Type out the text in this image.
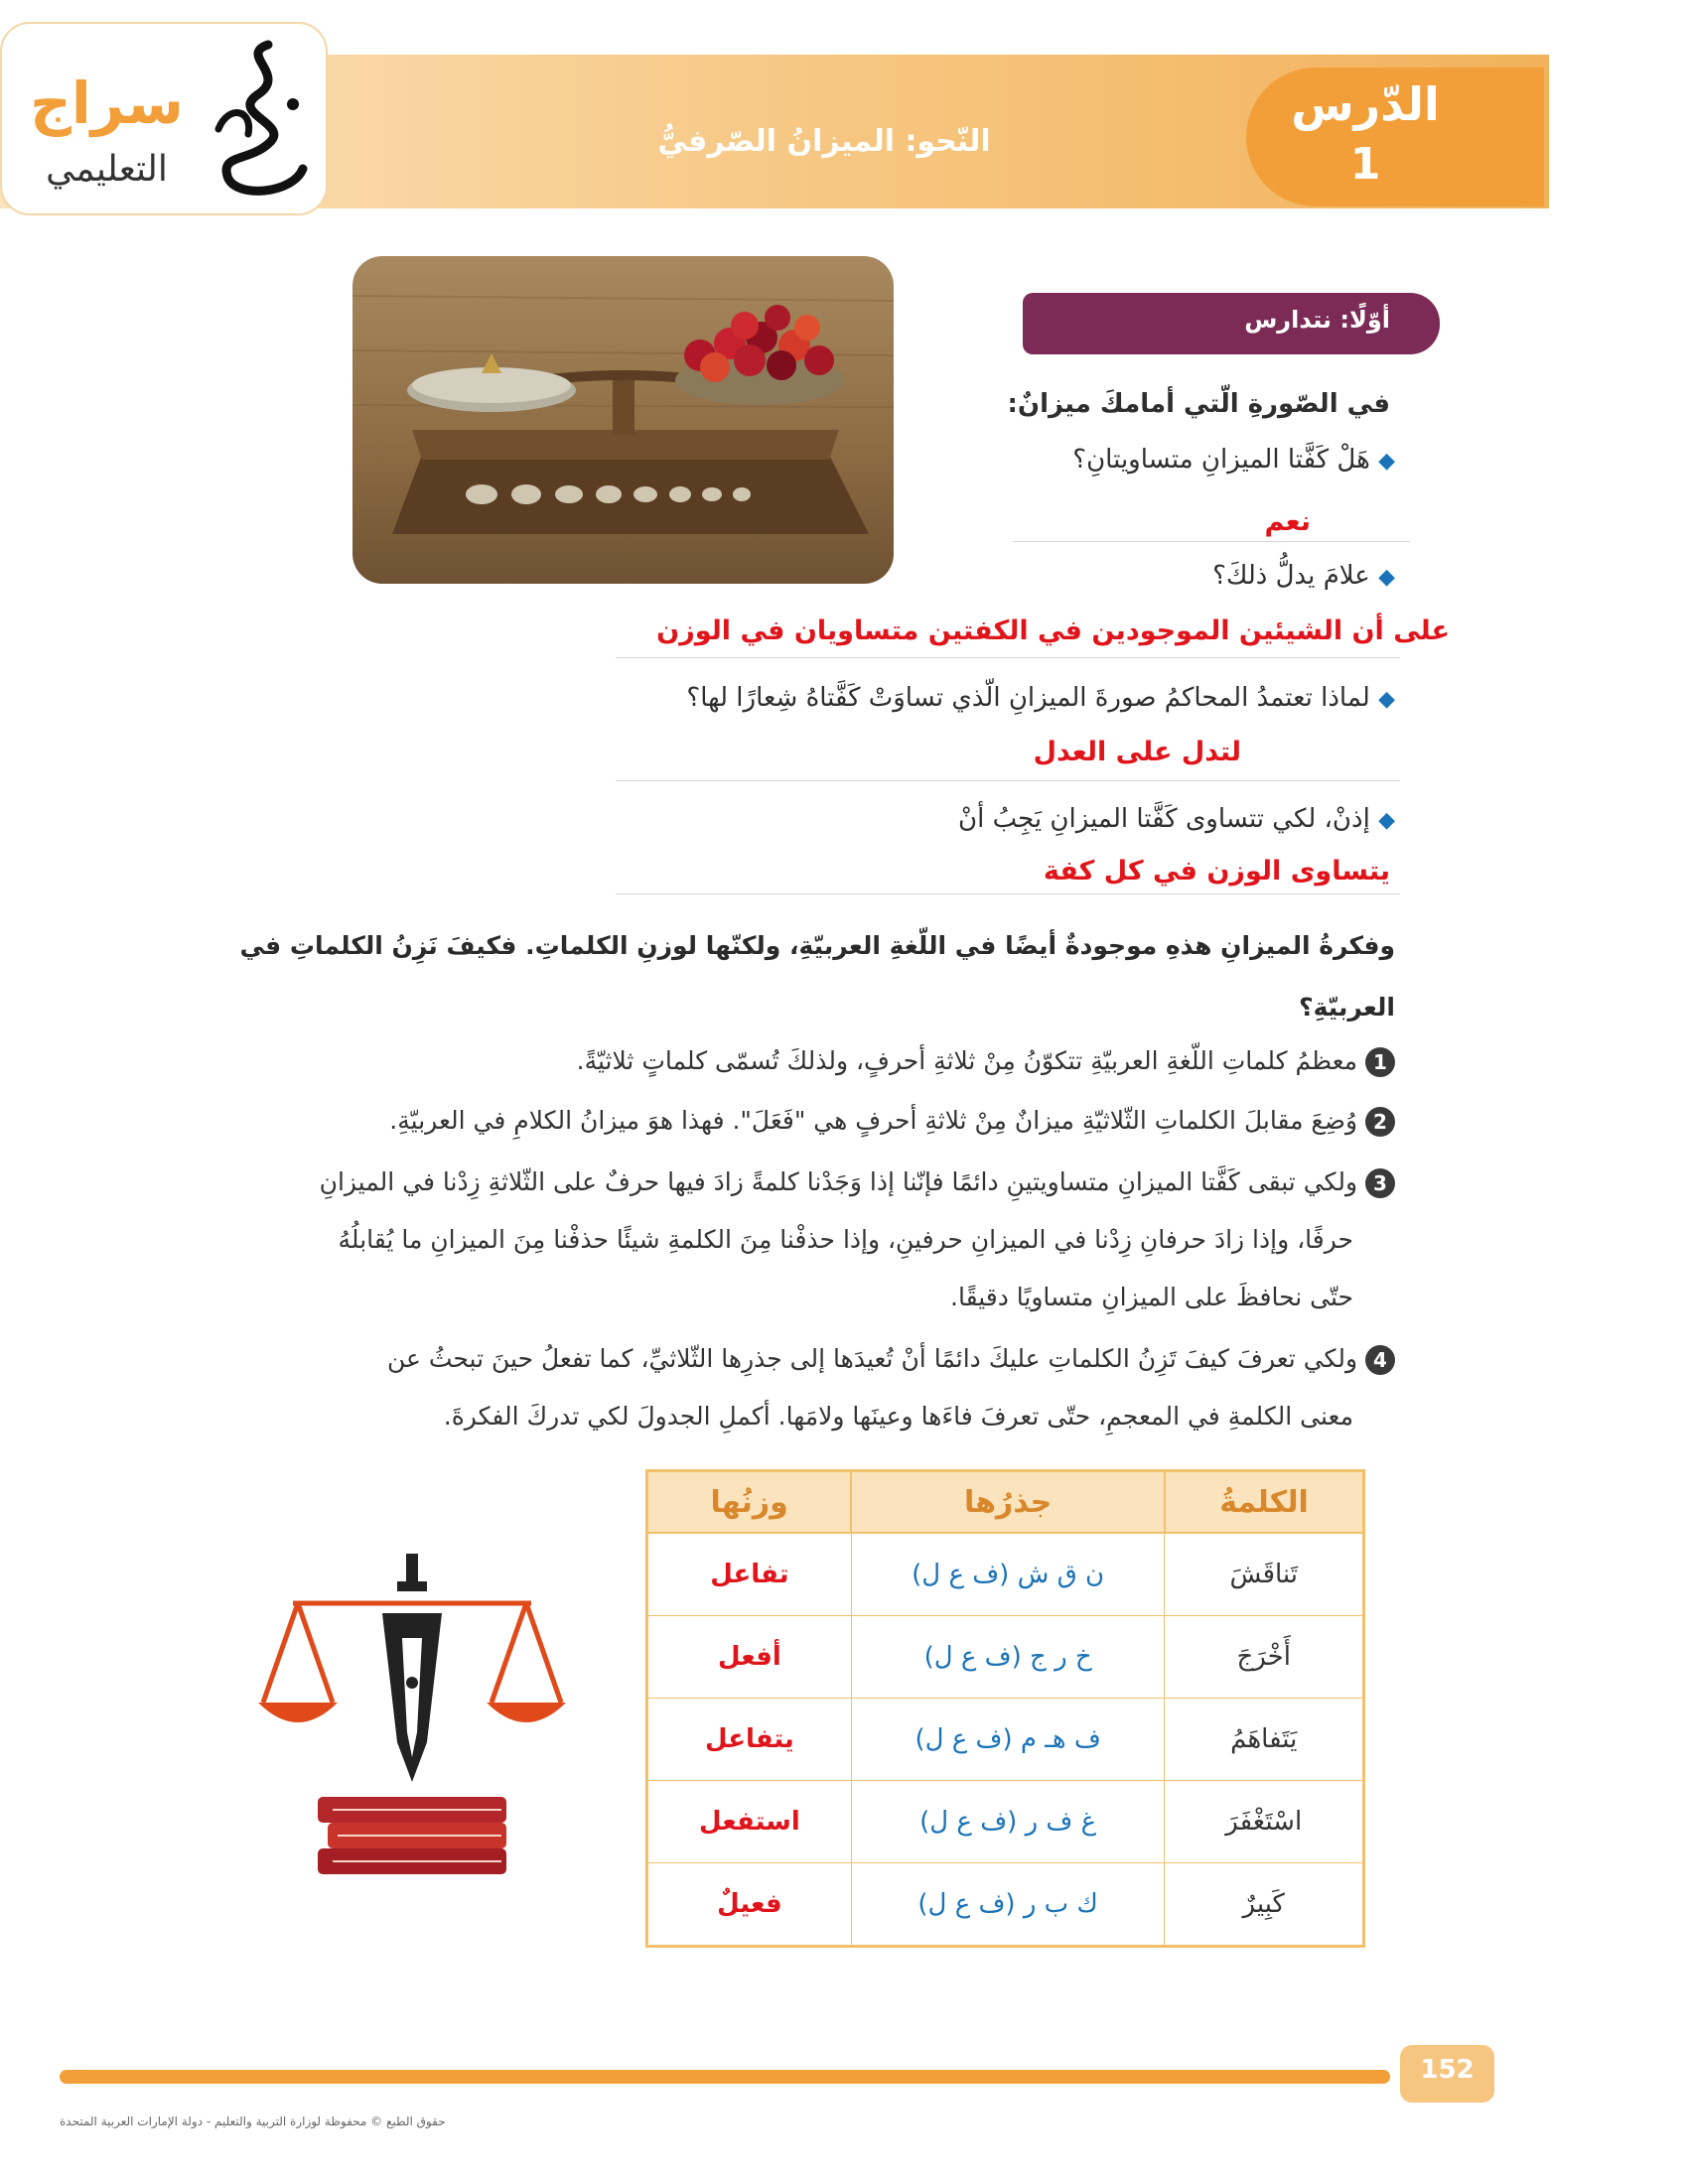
الدّرس
1
النّحو: الميزانُ الصّرفيُّ
سراج
التعليمي
أوّلًا: نتدارس
في الصّورةِ الّتي أمامكَ ميزانٌ:
◆ هَلْ كَفَّتا الميزانِ متساويتانِ؟
نعم
◆ علامَ يدلُّ ذلكَ؟
على أن الشيئين الموجودين في الكفتين متساويان في الوزن
◆ لماذا تعتمدُ المحاكمُ صورةَ الميزانِ الّذي تساوَتْ كَفَّتاهُ شِعارًا لها؟
لتدل على العدل
◆ إذنْ، لكي تتساوى كَفَّتا الميزانِ يَجِبُ أنْ
يتساوى الوزن في كل كفة
وفكرةُ الميزانِ هذهِ موجودةٌ أيضًا في اللّغةِ العربيّةِ، ولكنّها لوزنِ الكلماتِ. فكيفَ نَزِنُ الكلماتِ في
العربيّةِ؟
1 معظمُ كلماتِ اللّغةِ العربيّةِ تتكوّنُ مِنْ ثلاثةِ أحرفٍ، ولذلكَ تُسمّى كلماتٍ ثلاثيّةً.
2 وُضِعَ مقابلَ الكلماتِ الثّلاثيّةِ ميزانٌ مِنْ ثلاثةِ أحرفٍ هي "فَعَلَ". فهذا هوَ ميزانُ الكلامِ في العربيّةِ.
3 ولكي تبقى كَفَّتا الميزانِ متساويتينِ دائمًا فإنّنا إذا وَجَدْنا كلمةً زادَ فيها حرفٌ على الثّلاثةِ زِدْنا في الميزانِ
حرفًا، وإذا زادَ حرفانِ زِدْنا في الميزانِ حرفينِ، وإذا حذفْنا مِنَ الكلمةِ شيئًا حذفْنا مِنَ الميزانِ ما يُقابلُهُ
حتّى نحافظَ على الميزانِ متساويًا دقيقًا.
4 ولكي تعرفَ كيفَ تَزِنُ الكلماتِ عليكَ دائمًا أنْ تُعيدَها إلى جذرِها الثّلاثيِّ، كما تفعلُ حينَ تبحثُ عن
معنى الكلمةِ في المعجمِ، حتّى تعرفَ فاءَها وعينَها ولامَها. أكملِ الجدولَ لكي تدركَ الفكرةَ.
الكلمةُ	جذرُها	وزنُها
تَناقَشَ	ن ق ش (ف ع ل)	تفاعل
أَخْرَجَ	خ ر ج (ف ع ل)	أفعل
يَتَفاهَمُ	ف هـ م (ف ع ل)	يتفاعل
اسْتَغْفَرَ	غ ف ر (ف ع ل)	استفعل
كَبِيرٌ	ك ب ر (ف ع ل)	فعيلٌ
152
حقوق الطبع © محفوظة لوزارة التربية والتعليم - دولة الإمارات العربية المتحدة
